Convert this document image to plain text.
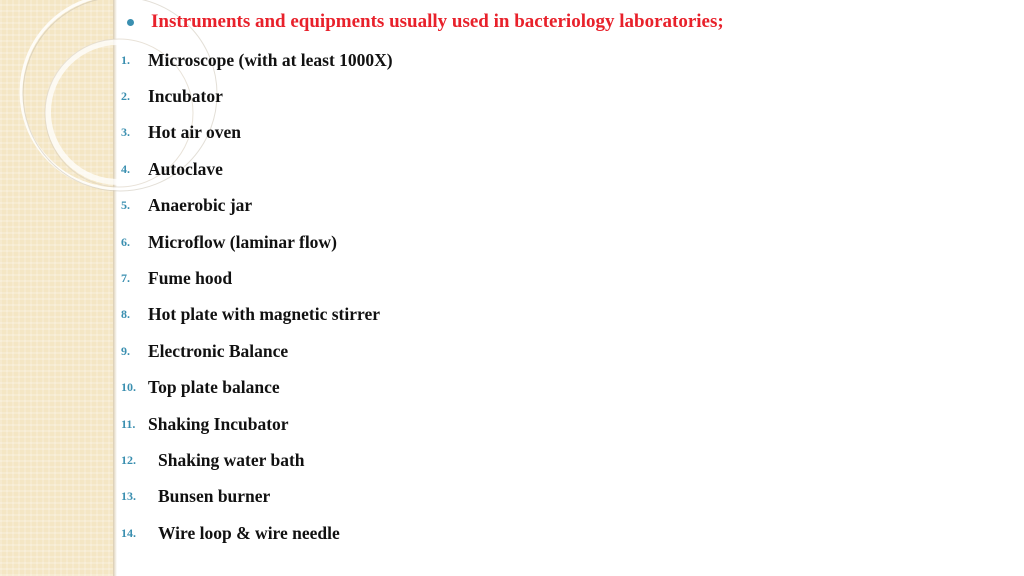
Instruments and equipments usually used in bacteriology laboratories;
1.	Microscope (with at least 1000X)
2.	Incubator
3.	Hot air oven
4.	Autoclave
5.	Anaerobic jar
6.	Microflow (laminar flow)
7.	Fume hood
8.	Hot plate with magnetic stirrer
9.	Electronic Balance
10. Top plate balance
11. Shaking Incubator
12.	Shaking water bath
13.	Bunsen burner
14.	Wire loop & wire needle
